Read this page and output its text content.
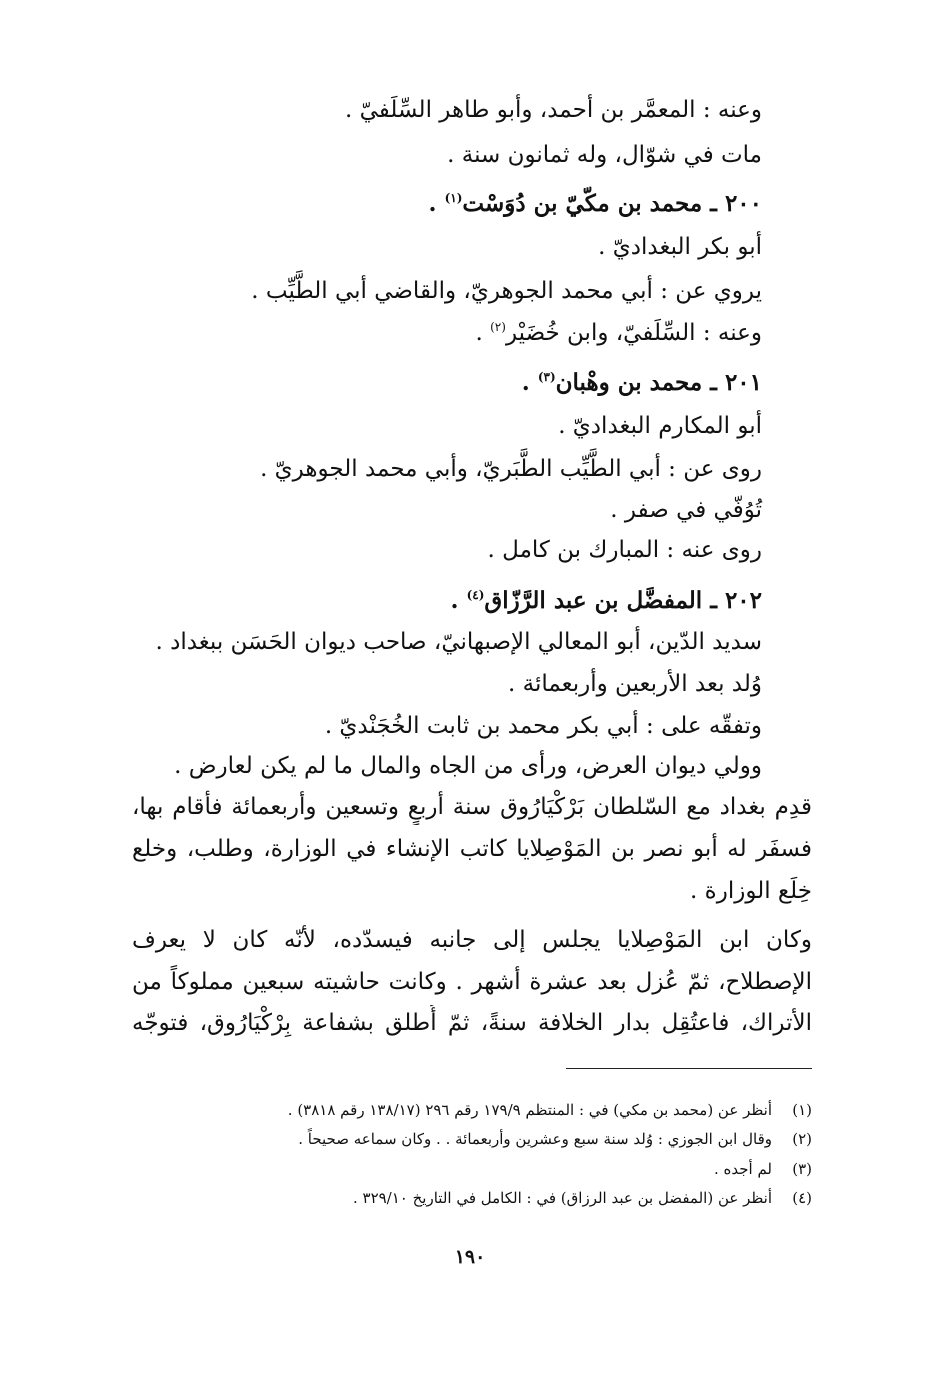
وعنه : المعمَّر بن أحمد، وأبو طاهر السِّلَفيّ .
مات في شوّال، وله ثمانون سنة .
٢٠٠ ـ محمد بن مكّيّ بن دُوَسْت$^{(١)}$ .
أبو بكر البغداديّ .
يروي عن : أبي محمد الجوهريّ، والقاضي أبي الطَّيِّب .
وعنه : السِّلَفيّ، وابن خُضَيْر$^{(٢)}$ .
٢٠١ ـ محمد بن وهْبان$^{(٣)}$ .
أبو المكارم البغداديّ .
روى عن : أبي الطَّيِّب الطَّبَريّ، وأبي محمد الجوهريّ .
تُوُفّي في صفر .
روى عنه : المبارك بن كامل .
٢٠٢ ـ المفضَّل بن عبد الرَّزّاق$^{(٤)}$ .
سديد الدّين، أبو المعالي الإصبهانيّ، صاحب ديوان الحَسَن ببغداد .
وُلد بعد الأربعين وأربعمائة .
وتفقّه على : أبي بكر محمد بن ثابت الخُجَنْديّ .
وولي ديوان العرض، ورأى من الجاه والمال ما لم يكن لعارض .
قدِم بغداد مع السّلطان بَرْكْيَارُوق سنة أربعٍ وتسعين وأربعمائة فأقام بها،
فسفَر له أبو نصر بن المَوْصِلايا كاتب الإنشاء في الوزارة، وطلب، وخلع
خِلَع الوزارة .
وكان ابن المَوْصِلايا يجلس إلى جانبه فيسدّده، لأنّه كان لا يعرف
الإصطلاح، ثمّ عُزل بعد عشرة أشهر . وكانت حاشيته سبعين مملوكاً من
الأتراك، فاعتُقِل بدار الخلافة سنةً، ثمّ أُطلق بشفاعة بِرْكْيَارُوق، فتوجّه
(١)أنظر عن (محمد بن مكي) في : المنتظم ١٧٩/٩ رقم ٢٩٦ (١٣٨/١٧ رقم ٣٨١٨) .
(٢)وقال ابن الجوزي : وُلد سنة سبع وعشرين وأربعمائة . . وكان سماعه صحيحاً .
(٣)لم أجده .
(٤)أنظر عن (المفضل بن عبد الرزاق) في : الكامل في التاريخ ٣٢٩/١٠ .
١٩٠
